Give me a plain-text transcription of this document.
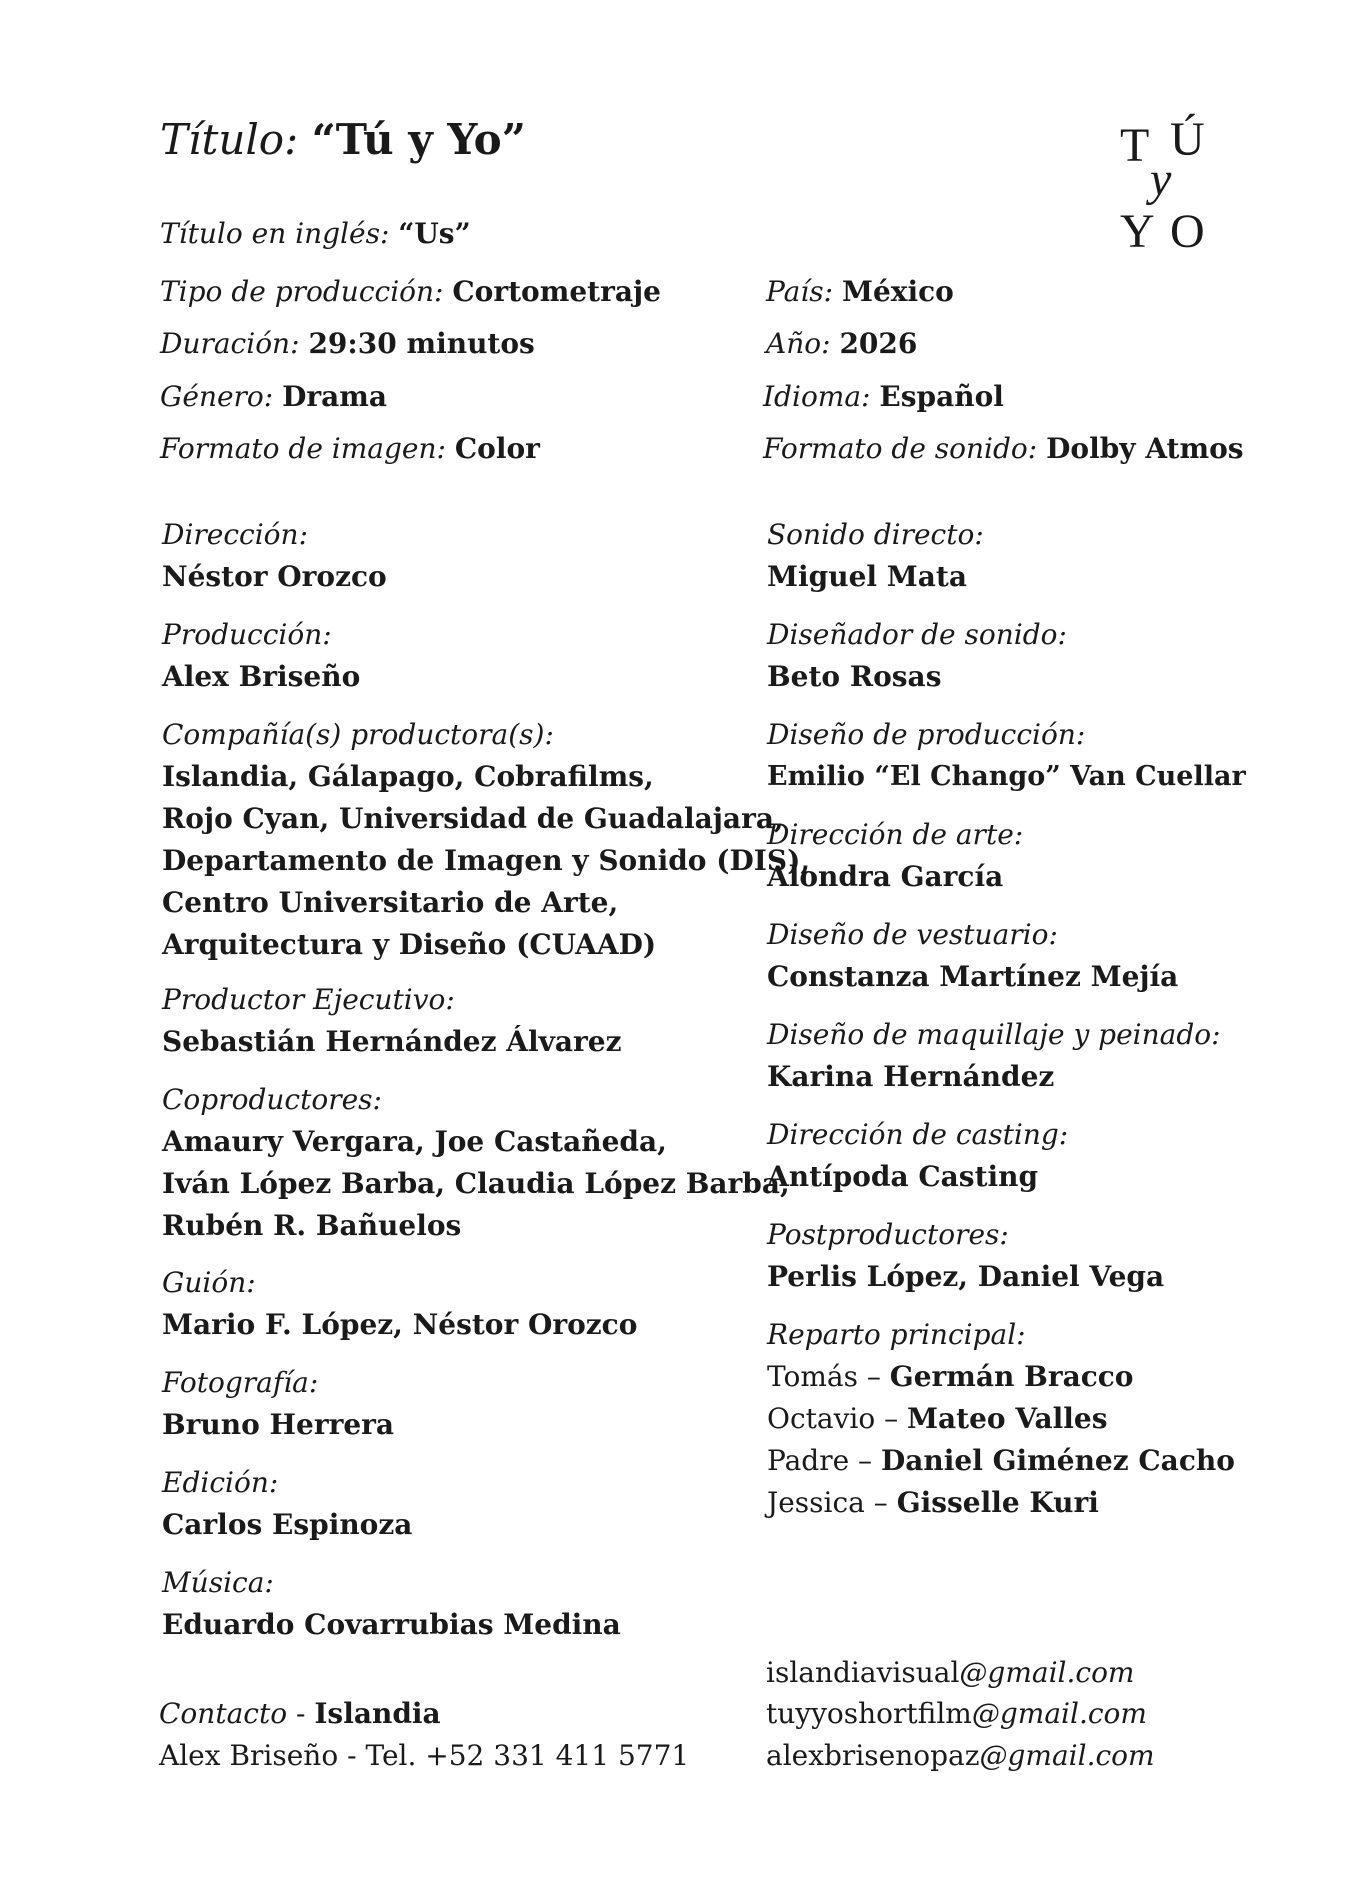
Título: “Tú y Yo”
Título en inglés: “Us”
T Ú
y
Y O
Tipo de producción: Cortometraje
Duración: 29:30 minutos
Género: Drama
Formato de imagen: Color
País: México
Año: 2026
Idioma: Español
Formato de sonido: Dolby Atmos
Dirección:
Néstor Orozco
Producción:
Alex Briseño
Compañía(s) productora(s):
Islandia, Gálapago, Cobrafilms,
Rojo Cyan, Universidad de Guadalajara,
Departamento de Imagen y Sonido (DIS),
Centro Universitario de Arte,
Arquitectura y Diseño (CUAAD)
Productor Ejecutivo:
Sebastián Hernández Álvarez
Coproductores:
Amaury Vergara, Joe Castañeda,
Iván López Barba, Claudia López Barba,
Rubén R. Bañuelos
Guión:
Mario F. López, Néstor Orozco
Fotografía:
Bruno Herrera
Edición:
Carlos Espinoza
Música:
Eduardo Covarrubias Medina
Sonido directo:
Miguel Mata
Diseñador de sonido:
Beto Rosas
Diseño de producción:
Emilio “El Chango” Van Cuellar
Dirección de arte:
Alondra García
Diseño de vestuario:
Constanza Martínez Mejía
Diseño de maquillaje y peinado:
Karina Hernández
Dirección de casting:
Antípoda Casting
Postproductores:
Perlis López, Daniel Vega
Reparto principal:
Tomás – Germán Bracco
Octavio – Mateo Valles
Padre – Daniel Giménez Cacho
Jessica – Gisselle Kuri
Contacto - Islandia
Alex Briseño - Tel. +52 331 411 5771
islandiavisual@gmail.com
tuyyoshortfilm@gmail.com
alexbrisenopaz@gmail.com
